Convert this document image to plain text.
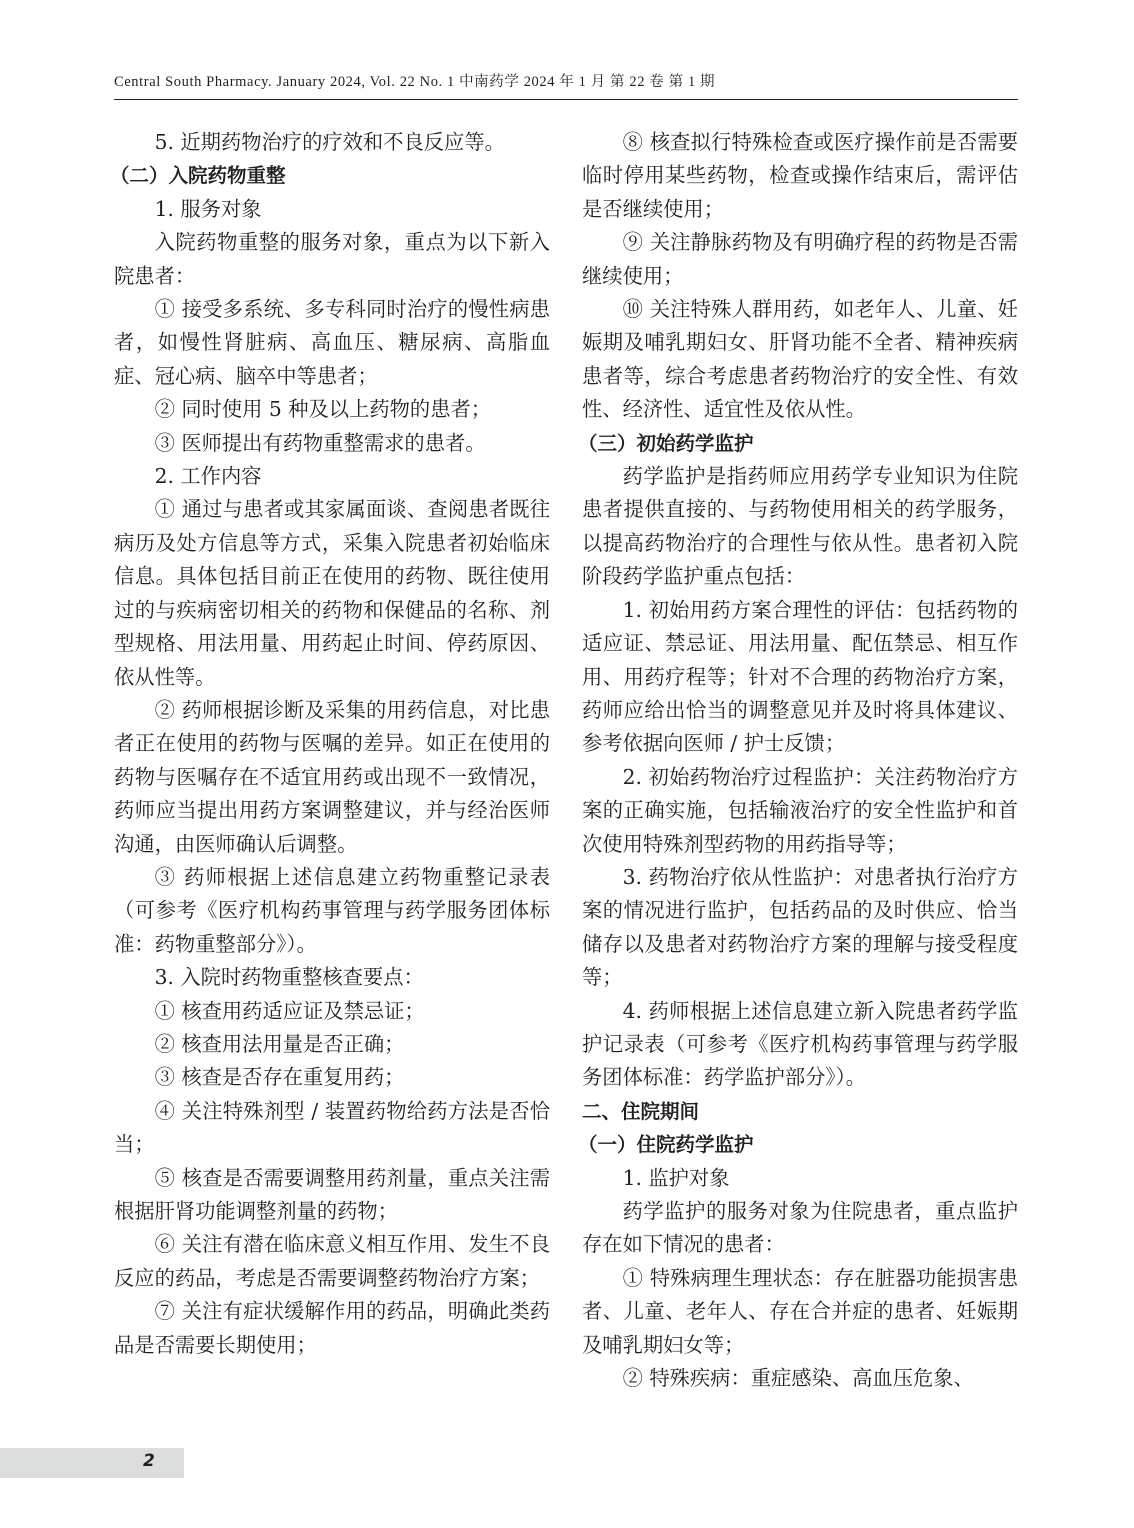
Central South Pharmacy. January 2024, Vol. 22 No. 1 中南药学 2024 年 1 月 第 22 卷 第 1 期

5. 近期药物治疗的疗效和不良反应等。

（二）入院药物重整

1. 服务对象

入院药物重整的服务对象，重点为以下新入院患者：

① 接受多系统、多专科同时治疗的慢性病患者，如慢性肾脏病、高血压、糖尿病、高脂血症、冠心病、脑卒中等患者；

② 同时使用 5 种及以上药物的患者；

③ 医师提出有药物重整需求的患者。

2. 工作内容

① 通过与患者或其家属面谈、查阅患者既往病历及处方信息等方式，采集入院患者初始临床信息。具体包括目前正在使用的药物、既往使用过的与疾病密切相关的药物和保健品的名称、剂型规格、用法用量、用药起止时间、停药原因、依从性等。

② 药师根据诊断及采集的用药信息，对比患者正在使用的药物与医嘱的差异。如正在使用的药物与医嘱存在不适宜用药或出现不一致情况，药师应当提出用药方案调整建议，并与经治医师沟通，由医师确认后调整。

③ 药师根据上述信息建立药物重整记录表（可参考《医疗机构药事管理与药学服务团体标准：药物重整部分》）。

3. 入院时药物重整核查要点：

① 核查用药适应证及禁忌证；

② 核查用法用量是否正确；

③ 核查是否存在重复用药；

④ 关注特殊剂型 / 装置药物给药方法是否恰当；

⑤ 核查是否需要调整用药剂量，重点关注需根据肝肾功能调整剂量的药物；

⑥ 关注有潜在临床意义相互作用、发生不良反应的药品，考虑是否需要调整药物治疗方案；

⑦ 关注有症状缓解作用的药品，明确此类药品是否需要长期使用；

⑧ 核查拟行特殊检查或医疗操作前是否需要临时停用某些药物，检查或操作结束后，需评估是否继续使用；

⑨ 关注静脉药物及有明确疗程的药物是否需继续使用；

⑩ 关注特殊人群用药，如老年人、儿童、妊娠期及哺乳期妇女、肝肾功能不全者、精神疾病患者等，综合考虑患者药物治疗的安全性、有效性、经济性、适宜性及依从性。

（三）初始药学监护

药学监护是指药师应用药学专业知识为住院患者提供直接的、与药物使用相关的药学服务，以提高药物治疗的合理性与依从性。患者初入院阶段药学监护重点包括：

1. 初始用药方案合理性的评估：包括药物的适应证、禁忌证、用法用量、配伍禁忌、相互作用、用药疗程等；针对不合理的药物治疗方案，药师应给出恰当的调整意见并及时将具体建议、参考依据向医师 / 护士反馈；

2. 初始药物治疗过程监护：关注药物治疗方案的正确实施，包括输液治疗的安全性监护和首次使用特殊剂型药物的用药指导等；

3. 药物治疗依从性监护：对患者执行治疗方案的情况进行监护，包括药品的及时供应、恰当储存以及患者对药物治疗方案的理解与接受程度等；

4. 药师根据上述信息建立新入院患者药学监护记录表（可参考《医疗机构药事管理与药学服务团体标准：药学监护部分》）。

二、住院期间

（一）住院药学监护

1. 监护对象

药学监护的服务对象为住院患者，重点监护存在如下情况的患者：

① 特殊病理生理状态：存在脏器功能损害患者、儿童、老年人、存在合并症的患者、妊娠期及哺乳期妇女等；

② 特殊疾病：重症感染、高血压危象、

2
